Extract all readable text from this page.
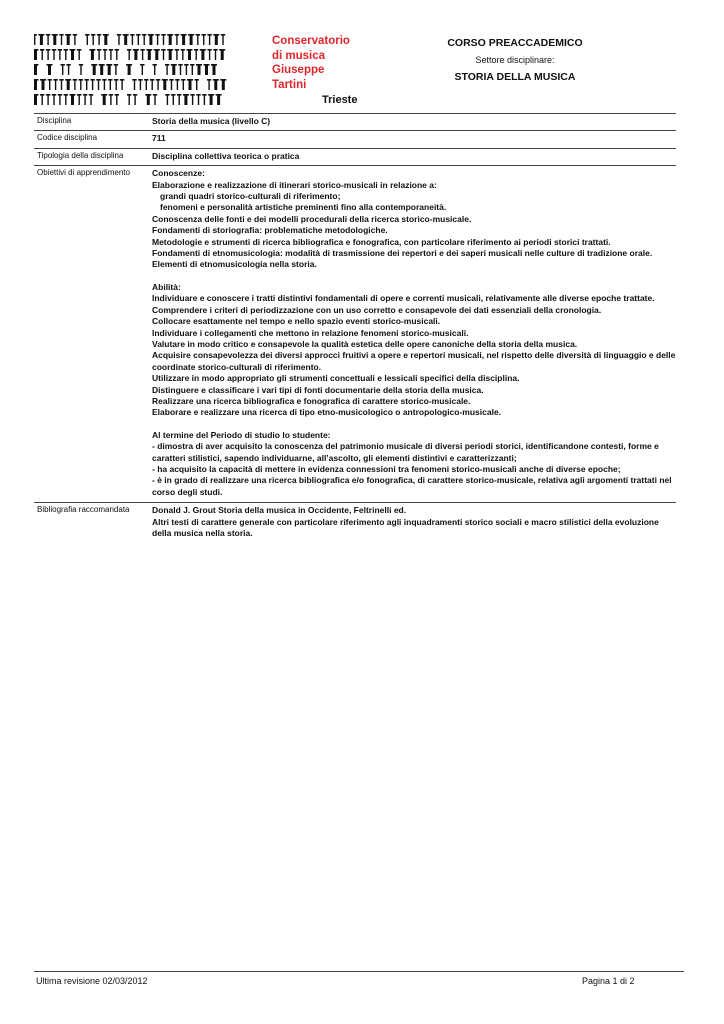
Conservatorio
di musica
Giuseppe
Tartini
Trieste
CORSO PREACCADEMICO
Settore disciplinare:
STORIA DELLA MUSICA
Disciplina	Storia della musica (livello C)
Codice disciplina	711
Tipologia della disciplina	Disciplina collettiva teorica o pratica
Obiettivi di apprendimento	Conoscenze:
Elaborazione e realizzazione di itinerari storico-musicali in relazione a:
grandi quadri storico-culturali di riferimento;
fenomeni e personalità artistiche preminenti fino alla contemporaneità.
Conoscenza delle fonti e dei modelli procedurali della ricerca storico-musicale.
Fondamenti di storiografia: problematiche metodologiche.
Metodologie e strumenti di ricerca bibliografica e fonografica, con particolare riferimento ai periodi storici trattati.
Fondamenti di etnomusicologia: modalità di trasmissione dei repertori e dei saperi musicali nelle culture di tradizione orale.
Elementi di etnomusicologia nella storia.
Abilità:
Individuare e conoscere i tratti distintivi fondamentali di opere e correnti musicali, relativamente alle diverse epoche trattate.
Comprendere i criteri di periodizzazione con un uso corretto e consapevole dei dati essenziali della cronologia.
Collocare esattamente nel tempo e nello spazio eventi storico-musicali.
Individuare i collegamenti che mettono in relazione fenomeni storico-musicali.
Valutare in modo critico e consapevole la qualità estetica delle opere canoniche della storia della musica.
Acquisire consapevolezza dei diversi approcci fruitivi a opere e repertori musicali, nel rispetto delle diversità di linguaggio e delle coordinate storico-culturali di riferimento.
Utilizzare in modo appropriato gli strumenti concettuali e lessicali specifici della disciplina.
Distinguere e classificare i vari tipi di fonti documentarie della storia della musica.
Realizzare una ricerca bibliografica e fonografica di carattere storico-musicale.
Elaborare e realizzare una ricerca di tipo etno-musicologico o antropologico-musicale.
Al termine del Periodo di studio lo studente:
- dimostra di aver acquisito la conoscenza del patrimonio musicale di diversi periodi storici, identificandone contesti, forme e caratteri stilistici, sapendo individuarne, all’ascolto, gli elementi distintivi e caratterizzanti;
- ha acquisito la capacità di mettere in evidenza connessioni tra fenomeni storico-musicali anche di diverse epoche;
- è in grado di realizzare una ricerca bibliografica e/o fonografica, di carattere storico-musicale, relativa agli argomenti trattati nel corso degli studi.
Bibliografia raccomandata	Donald J. Grout Storia della musica in Occidente, Feltrinelli ed.
Altri testi di carattere generale con particolare riferimento agli inquadramenti storico sociali e macro stilistici della evoluzione della musica nella storia.
Ultima revisione 02/03/2012	Pagina 1 di 2
